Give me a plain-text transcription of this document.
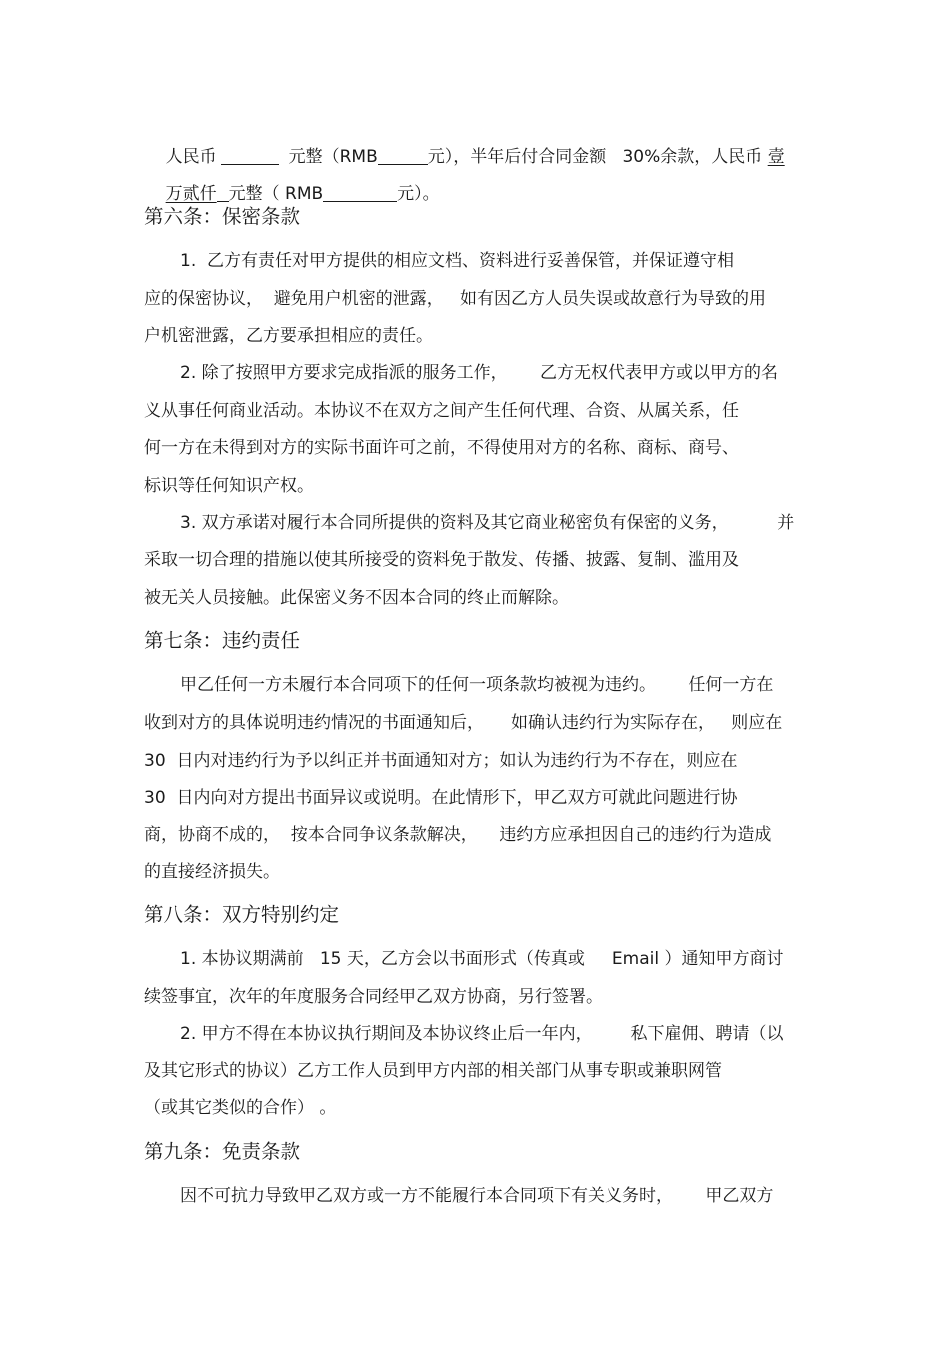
人民币	元整（RMB	元），半年后付合同金额   30%余款，人民币 壹

万贰仟 元整（ RMB	元）。

第六条：保密条款
1.  乙方有责任对甲方提供的相应文档、资料进行妥善保管，并保证遵守相
应的保密协议，  避免用户机密的泄露，   如有因乙方人员失误或故意行为导致的用
户机密泄露，乙方要承担相应的责任。
2. 除了按照甲方要求完成指派的服务工作，      乙方无权代表甲方或以甲方的名
义从事任何商业活动。本协议不在双方之间产生任何代理、合资、从属关系，任
何一方在未得到对方的实际书面许可之前，不得使用对方的名称、商标、商号、
标识等任何知识产权。
3. 双方承诺对履行本合同所提供的资料及其它商业秘密负有保密的义务，         并
采取一切合理的措施以使其所接受的资料免于散发、传播、披露、复制、滥用及
被无关人员接触。此保密义务不因本合同的终止而解除。
第七条：违约责任
甲乙任何一方未履行本合同项下的任何一项条款均被视为违约。      任何一方在
收到对方的具体说明违约情况的书面通知后，     如确认违约行为实际存在，   则应在
30  日内对违约行为予以纠正并书面通知对方；如认为违约行为不存在，则应在
30  日内向对方提出书面异议或说明。在此情形下，甲乙双方可就此问题进行协
商，协商不成的，  按本合同争议条款解决，    违约方应承担因自己的违约行为造成
的直接经济损失。
第八条：双方特别约定
1. 本协议期满前   15 天，乙方会以书面形式（传真或     Email ）通知甲方商讨
续签事宜，次年的年度服务合同经甲乙双方协商，另行签署。
2. 甲方不得在本协议执行期间及本协议终止后一年内，       私下雇佣、聘请（以
及其它形式的协议）乙方工作人员到甲方内部的相关部门从事专职或兼职网管
（或其它类似的合作） 。
第九条：免责条款
因不可抗力导致甲乙双方或一方不能履行本合同项下有关义务时，      甲乙双方
